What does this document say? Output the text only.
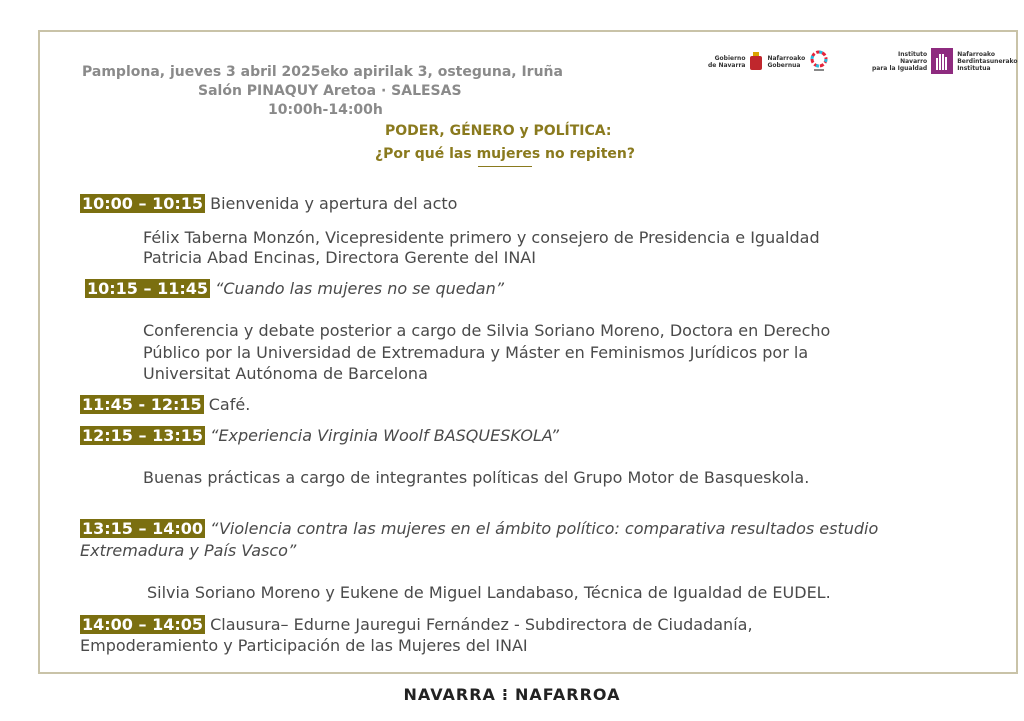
Pamplona, jueves 3 abril 2025eko apirilak 3, osteguna, Iruña
Salón PINAQUY Aretoa · SALESAS
10:00h-14:00h
PODER, GÉNERO y POLÍTICA:
¿Por qué las mujeres no repiten?
Gobierno
de Navarra
Nafarroako
Gobernua
Instituto
Navarro
para la Igualdad
Nafarroako
Berdintasunerako
Institutua
10:00 – 10:15 Bienvenida y apertura del acto
Félix Taberna Monzón, Vicepresidente primero y consejero de Presidencia e Igualdad
Patricia Abad Encinas, Directora Gerente del INAI
10:15 – 11:45 “Cuando las mujeres no se quedan”
Conferencia y debate posterior a cargo de Silvia Soriano Moreno, Doctora en Derecho
Público por la Universidad de Extremadura y Máster en Feminismos Jurídicos por la
Universitat Autónoma de Barcelona
11:45 - 12:15 Café.
12:15 – 13:15 “Experiencia Virginia Woolf BASQUESKOLA”
Buenas prácticas a cargo de integrantes políticas del Grupo Motor de Basqueskola.
13:15 – 14:00 “Violencia contra las mujeres en el ámbito político: comparativa resultados estudio
Extremadura y País Vasco”
Silvia Soriano Moreno y Eukene de Miguel Landabaso, Técnica de Igualdad de EUDEL.
14:00 – 14:05 Clausura– Edurne Jauregui Fernández - Subdirectora de Ciudadanía,
Empoderamiento y Participación de las Mujeres del INAI
NAVARRA ⁝ NAFARROA
